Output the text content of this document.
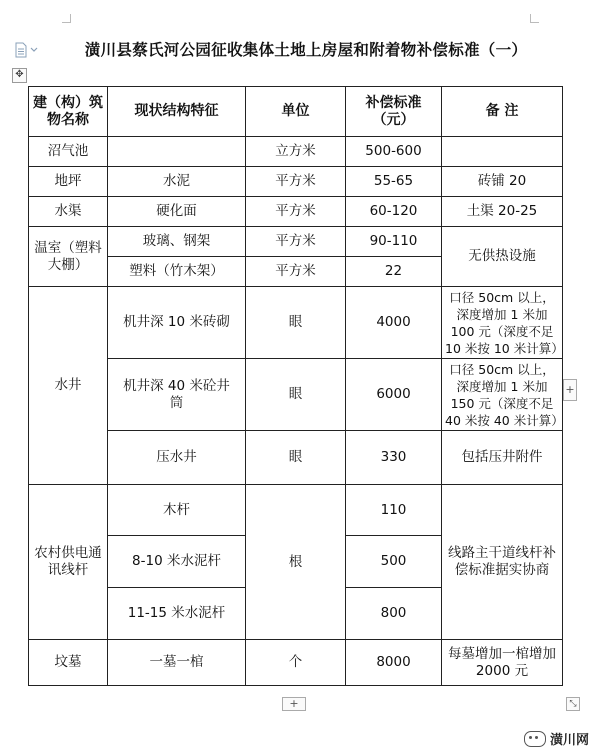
潢川县蔡氏河公园征收集体土地上房屋和附着物补偿标准（一）
✥
建（构）筑物名称	现状结构特征	单位	补偿标准（元）	备 注
沼气池		立方米	500-600	
地坪	水泥	平方米	55-65	砖铺 20
水渠	硬化面	平方米	60-120	土渠 20-25
温室（塑料大棚）	玻璃、钢架	平方米	90-110	无供热设施
	塑料（竹木架）	平方米	22	
水井	机井深 10 米砖砌	眼	4000	口径 50cm 以上，深度增加 1 米加 100 元（深度不足 10 米按 10 米计算）
	机井深 40 米砼井筒	眼	6000	口径 50cm 以上，深度增加 1 米加 150 元（深度不足 40 米按 40 米计算）
	压水井	眼	330	包括压井附件
农村供电通讯线杆	木杆	根	110	线路主干道线杆补偿标准据实协商
	8-10 米水泥杆		500	
	11-15 米水泥杆		800	
坟墓	一墓一棺	个	8000	每墓增加一棺增加 2000 元
+
+	⤡
潢川网
